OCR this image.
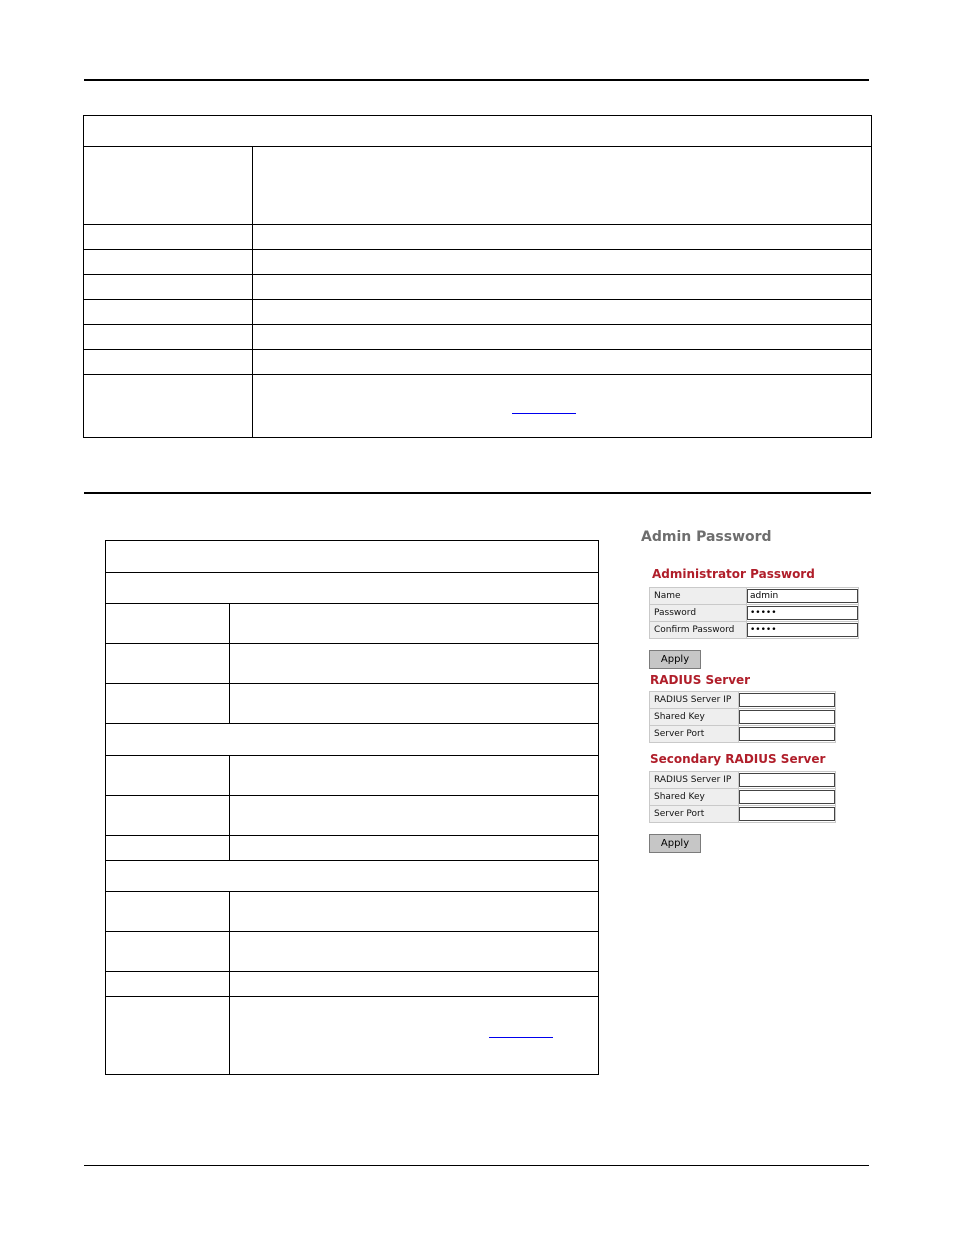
Admin Password
Administrator Password
Name	admin
Password	•••••
Confirm Password	•••••
Apply
RADIUS Server
RADIUS Server IP	
Shared Key	
Server Port	
Secondary RADIUS Server
RADIUS Server IP	
Shared Key	
Server Port	
Apply
